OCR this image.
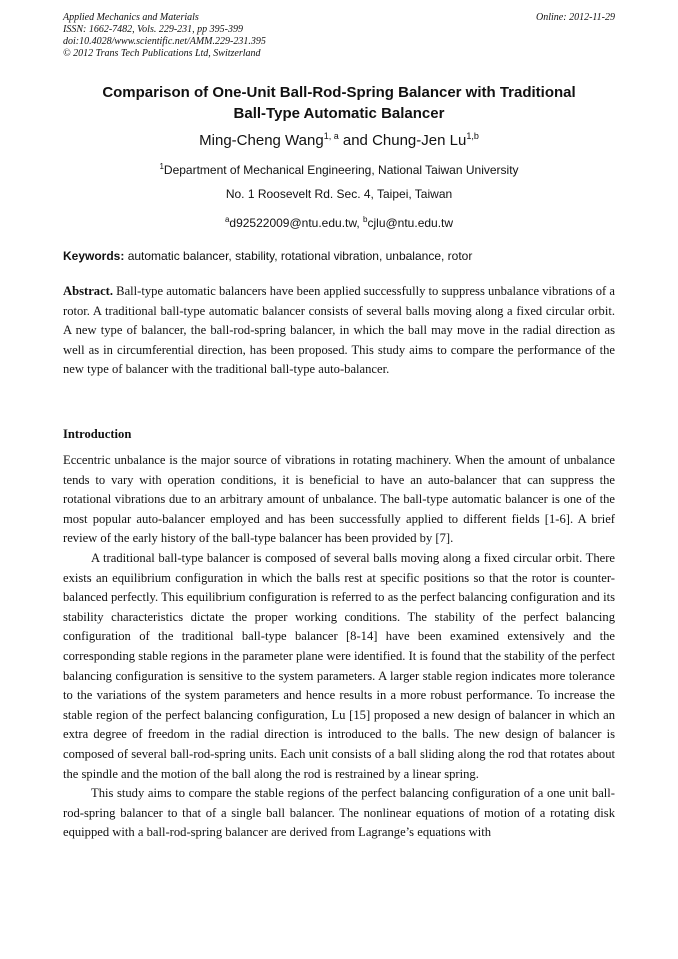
Applied Mechanics and Materials
ISSN: 1662-7482, Vols. 229-231, pp 395-399
doi:10.4028/www.scientific.net/AMM.229-231.395
© 2012 Trans Tech Publications Ltd, Switzerland
Online: 2012-11-29
Comparison of One-Unit Ball-Rod-Spring Balancer with Traditional
Ball-Type Automatic Balancer
Ming-Cheng Wang$^{1, a}$ and Chung-Jen Lu$^{1,b}$
$^1$Department of Mechanical Engineering, National Taiwan University
No. 1 Roosevelt Rd. Sec. 4, Taipei, Taiwan
$^a$d92522009@ntu.edu.tw, $^b$cjlu@ntu.edu.tw
Keywords: automatic balancer, stability, rotational vibration, unbalance, rotor

Abstract. Ball-type automatic balancers have been applied successfully to suppress unbalance vibrations of a rotor. A traditional ball-type automatic balancer consists of several balls moving along a fixed circular orbit. A new type of balancer, the ball-rod-spring balancer, in which the ball may move in the radial direction as well as in circumferential direction, has been proposed. This study aims to compare the performance of the new type of balancer with the traditional ball-type auto-balancer.

Introduction

Eccentric unbalance is the major source of vibrations in rotating machinery. When the amount of unbalance tends to vary with operation conditions, it is beneficial to have an auto-balancer that can suppress the rotational vibrations due to an arbitrary amount of unbalance. The ball-type automatic balancer is one of the most popular auto-balancer employed and has been successfully applied to different fields [1-6]. A brief review of the early history of the ball-type balancer has been provided by [7].

A traditional ball-type balancer is composed of several balls moving along a fixed circular orbit. There exists an equilibrium configuration in which the balls rest at specific positions so that the rotor is counter-balanced perfectly. This equilibrium configuration is referred to as the perfect balancing configuration and its stability characteristics dictate the proper working conditions. The stability of the perfect balancing configuration of the traditional ball-type balancer [8-14] have been examined extensively and the corresponding stable regions in the parameter plane were identified. It is found that the stability of the perfect balancing configuration is sensitive to the system parameters. A larger stable region indicates more tolerance to the variations of the system parameters and hence results in a more robust performance. To increase the stable region of the perfect balancing configuration, Lu [15] proposed a new design of balancer in which an extra degree of freedom in the radial direction is introduced to the balls. The new design of balancer is composed of several ball-rod-spring units. Each unit consists of a ball sliding along the rod that rotates about the spindle and the motion of the ball along the rod is restrained by a linear spring.

This study aims to compare the stable regions of the perfect balancing configuration of a one unit ball-rod-spring balancer to that of a single ball balancer. The nonlinear equations of motion of a rotating disk equipped with a ball-rod-spring balancer are derived from Lagrange’s equations with
